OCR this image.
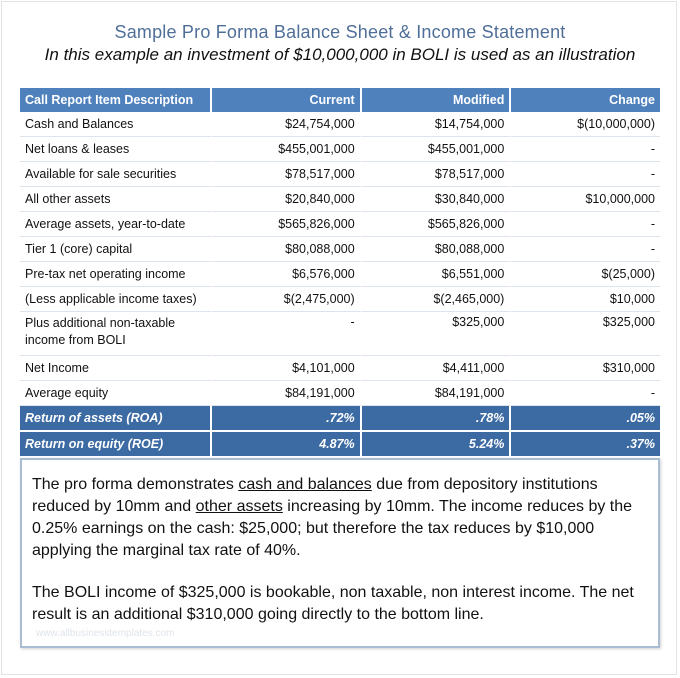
Sample Pro Forma Balance Sheet & Income Statement
In this example an investment of $10,000,000 in BOLI is used as an illustration
Call Report Item Description	Current	Modified	Change
Cash and Balances	$24,754,000	$14,754,000	$(10,000,000)
Net loans & leases	$455,001,000	$455,001,000	-
Available for sale securities	$78,517,000	$78,517,000	-
All other assets	$20,840,000	$30,840,000	$10,000,000
Average assets, year-to-date	$565,826,000	$565,826,000	-
Tier 1 (core) capital	$80,088,000	$80,088,000	-
Pre-tax net operating income	$6,576,000	$6,551,000	$(25,000)
(Less applicable income taxes)	$(2,475,000)	$(2,465,000)	$10,000
Plus additional non-taxable income from BOLI	-	$325,000	$325,000
Net Income	$4,101,000	$4,411,000	$310,000
Average equity	$84,191,000	$84,191,000	-
Return of assets (ROA)	.72%	.78%	.05%
Return on equity (ROE)	4.87%	5.24%	.37%

The pro forma demonstrates cash and balances due from depository institutions reduced by 10mm and other assets increasing by 10mm. The income reduces by the 0.25% earnings on the cash: $25,000; but therefore the tax reduces by $10,000 applying the marginal tax rate of 40%.

The BOLI income of $325,000 is bookable, non taxable, non interest income. The net result is an additional $310,000 going directly to the bottom line.

www.allbusinesstemplates.com
